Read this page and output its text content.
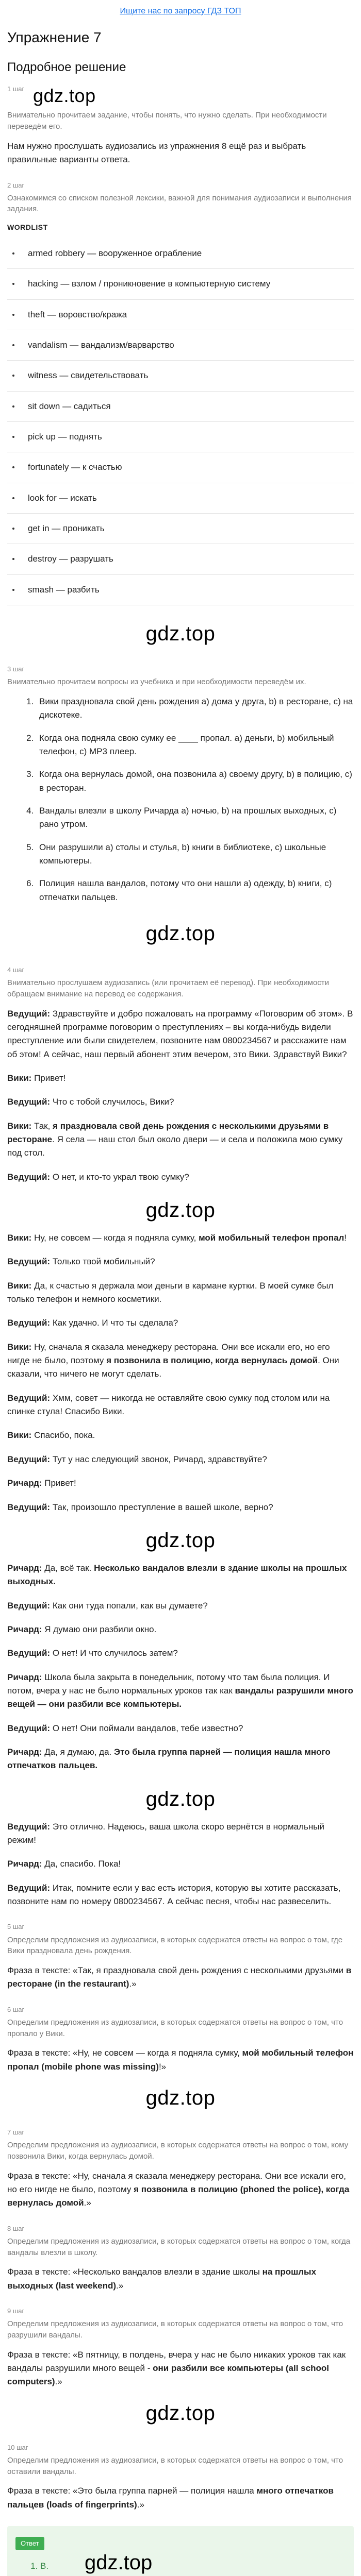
Ищите нас по запросу ГДЗ ТОП
Упражнение 7
Подробное решение
1 шаг gdz.top
Внимательно прочитаем задание, чтобы понять, что нужно сделать. При необходимости переведём его.

Нам нужно прослушать аудиозапись из упражнения 8 ещё раз и выбрать правильные варианты ответа.

2 шаг
Ознакомимся со списком полезной лексики, важной для понимания аудиозаписи и выполнения задания.
WORDLIST
armed robbery — вооруженное ограбление
hacking — взлом / проникновение в компьютерную систему
theft — воровство/кража
vandalism — вандализм/варварство
witness — свидетельствовать
sit down — садиться
pick up — поднять
fortunately — к счастью
look for — искать
get in — проникать
destroy — разрушать
smash — разбить
gdz.top
3 шаг
Внимательно прочитаем вопросы из учебника и при необходимости переведём их.
1. Вики праздновала свой день рождения а) дома у друга, b) в ресторане, c) на дискотеке.
2. Когда она подняла свою сумку ее ____ пропал. а) деньги, b) мобильный телефон, c) MP3 плеер.
3. Когда она вернулась домой, она позвонила а) своему другу, b) в полицию, c) в ресторан.
4. Вандалы влезли в школу Ричарда а) ночью, b) на прошлых выходных, c) рано утром.
5. Они разрушили а) столы и стулья, b) книги в библиотеке, c) школьные компьютеры.
6. Полиция нашла вандалов, потому что они нашли а) одежду, b) книги, c) отпечатки пальцев.
gdz.top
4 шаг
Внимательно прослушаем аудиозапись (или прочитаем её перевод). При необходимости обращаем внимание на перевод ее содержания.

Ведущий: Здравствуйте и добро пожаловать на программу «Поговорим об этом». В сегодняшней программе поговорим о преступлениях – вы когда-нибудь видели преступление или были свидетелем, позвоните нам 0800234567 и расскажите нам об этом! А сейчас, наш первый абонент этим вечером, это Вики. Здравствуй Вики?

Вики: Привет!

Ведущий: Что с тобой случилось, Вики?

Вики: Так, я праздновала свой день рождения с несколькими друзьями в ресторане. Я села — наш стол был около двери — и села и положила мою сумку под стол.

Ведущий: О нет, и кто-то украл твою сумку?

gdz.top

Вики: Ну, не совсем — когда я подняла сумку, мой мобильный телефон пропал!

Ведущий: Только твой мобильный?

Вики: Да, к счастью я держала мои деньги в кармане куртки. В моей сумке был только телефон и немного косметики.

Ведущий: Как удачно. И что ты сделала?

Вики: Ну, сначала я сказала менеджеру ресторана. Они все искали его, но его нигде не было, поэтому я позвонила в полицию, когда вернулась домой. Они сказали, что ничего не могут сделать.

Ведущий: Хмм, совет — никогда не оставляйте свою сумку под столом или на спинке стула! Спасибо Вики.

Вики: Спасибо, пока.

Ведущий: Тут у нас следующий звонок, Ричард, здравствуйте?

Ричард: Привет!

Ведущий: Так, произошло преступление в вашей школе, верно?

gdz.top

Ричард: Да, всё так. Несколько вандалов влезли в здание школы на прошлых выходных.

Ведущий: Как они туда попали, как вы думаете?

Ричард: Я думаю они разбили окно.

Ведущий: О нет! И что случилось затем?

Ричард: Школа была закрыта в понедельник, потому что там была полиция. И потом, вчера у нас не было нормальных уроков так как вандалы разрушили много вещей — они разбили все компьютеры.

Ведущий: О нет! Они поймали вандалов, тебе известно?

Ричард: Да, я думаю, да. Это была группа парней — полиция нашла много отпечатков пальцев.

gdz.top

Ведущий: Это отлично. Надеюсь, ваша школа скоро вернётся в нормальный режим!

Ричард: Да, спасибо. Пока!

Ведущий: Итак, помните если у вас есть история, которую вы хотите рассказать, позвоните нам по номеру 0800234567. А сейчас песня, чтобы нас развеселить.

5 шаг
Определим предложения из аудиозаписи, в которых содержатся ответы на вопрос о том, где Вики праздновала день рождения.

Фраза в тексте: «Так, я праздновала свой день рождения с несколькими друзьями в ресторане (in the restaurant).»

6 шаг
Определим предложения из аудиозаписи, в которых содержатся ответы на вопрос о том, что пропало у Вики.

Фраза в тексте: «Ну, не совсем — когда я подняла сумку, мой мобильный телефон пропал (mobile phone was missing)!»

gdz.top
7 шаг
Определим предложения из аудиозаписи, в которых содержатся ответы на вопрос о том, кому позвонила Вики, когда вернулась домой.

Фраза в тексте: «Ну, сначала я сказала менеджеру ресторана. Они все искали его, но его нигде не было, поэтому я позвонила в полицию (phoned the police), когда вернулась домой.»

8 шаг
Определим предложения из аудиозаписи, в которых содержатся ответы на вопрос о том, когда вандалы влезли в школу.

Фраза в тексте: «Несколько вандалов влезли в здание школы на прошлых выходных (last weekend).»

9 шаг
Определим предложения из аудиозаписи, в которых содержатся ответы на вопрос о том, что разрушили вандалы.

Фраза в тексте: «В пятницу, в полдень, вчера у нас не было никаких уроков так как вандалы разрушили много вещей - они разбили все компьютеры (all school computers).»

gdz.top
10 шаг
Определим предложения из аудиозаписи, в которых содержатся ответы на вопрос о том, что оставили вандалы.

Фраза в тексте: «Это была группа парней — полиция нашла много отпечатков пальцев (loads of fingerprints).»

Ответ
gdz.top
1. B.
